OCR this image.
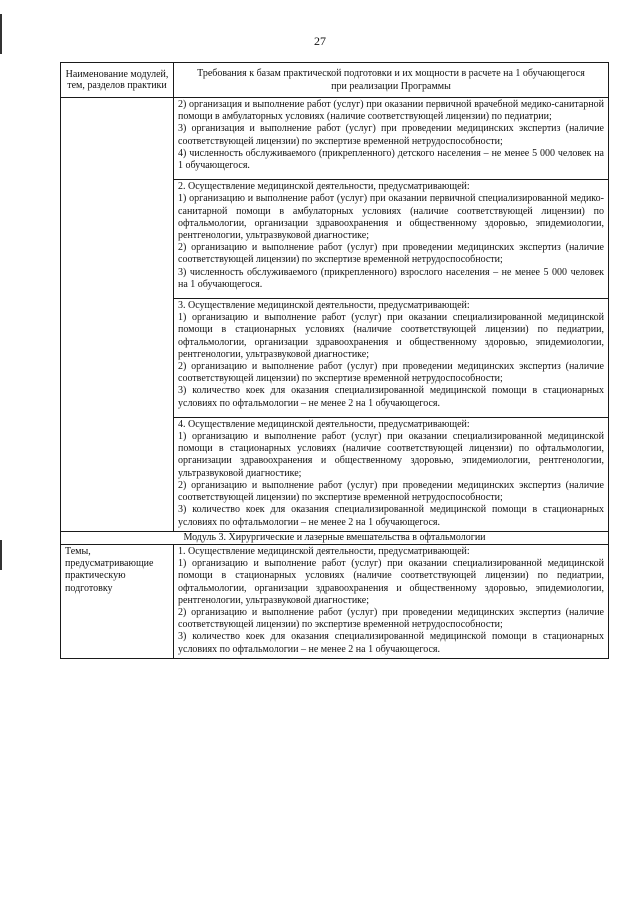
27
Наименование модулей, тем, разделов практики	Требования к базам практической подготовки и их мощности в расчете на 1 обучающегося при реализации Программы

	2) организация и выполнение работ (услуг) при оказании первичной врачебной медико-санитарной помощи в амбулаторных условиях (наличие соответствующей лицензии) по педиатрии;

3) организация и выполнение работ (услуг) при проведении медицинских экспертиз (наличие соответствующей лицензии) по экспертизе временной нетрудоспособности;

4) численность обслуживаемого (прикрепленного) детского населения – не менее 5 000 человек на 1 обучающегося.

	2. Осуществление медицинской деятельности, предусматривающей:

1) организацию и выполнение работ (услуг) при оказании первичной специализированной медико-санитарной помощи в амбулаторных условиях (наличие соответствующей лицензии) по офтальмологии, организации здравоохранения и общественному здоровью, эпидемиологии, рентгенологии, ультразвуковой диагностике;

2) организацию и выполнение работ (услуг) при проведении медицинских экспертиз (наличие соответствующей лицензии) по экспертизе временной нетрудоспособности;

3) численность обслуживаемого (прикрепленного) взрослого населения – не менее 5 000 человек на 1 обучающегося.

	3. Осуществление медицинской деятельности, предусматривающей:

1) организацию и выполнение работ (услуг) при оказании специализированной медицинской помощи в стационарных условиях (наличие соответствующей лицензии) по педиатрии, офтальмологии, организации здравоохранения и общественному здоровью, эпидемиологии, рентгенологии, ультразвуковой диагностике;

2) организацию и выполнение работ (услуг) при проведении медицинских экспертиз (наличие соответствующей лицензии) по экспертизе временной нетрудоспособности;

3) количество коек для оказания специализированной медицинской помощи в стационарных условиях по офтальмологии – не менее 2 на 1 обучающегося.

	4. Осуществление медицинской деятельности, предусматривающей:

1) организацию и выполнение работ (услуг) при оказании специализированной медицинской помощи в стационарных условиях (наличие соответствующей лицензии) по офтальмологии, организации здравоохранения и общественному здоровью, эпидемиологии, рентгенологии, ультразвуковой диагностике;

2) организацию и выполнение работ (услуг) при проведении медицинских экспертиз (наличие соответствующей лицензии) по экспертизе временной нетрудоспособности;

3) количество коек для оказания специализированной медицинской помощи в стационарных условиях по офтальмологии – не менее 2 на 1 обучающегося.

Модуль 3. Хирургические и лазерные вмешательства в офтальмологии	
Темы, предусматривающие практическую подготовку	1. Осуществление медицинской деятельности, предусматривающей:

1) организацию и выполнение работ (услуг) при оказании специализированной медицинской помощи в стационарных условиях (наличие соответствующей лицензии) по педиатрии, офтальмологии, организации здравоохранения и общественному здоровью, эпидемиологии, рентгенологии, ультразвуковой диагностике;

2) организацию и выполнение работ (услуг) при проведении медицинских экспертиз (наличие соответствующей лицензии) по экспертизе временной нетрудоспособности;

3) количество коек для оказания специализированной медицинской помощи в стационарных условиях по офтальмологии – не менее 2 на 1 обучающегося.
